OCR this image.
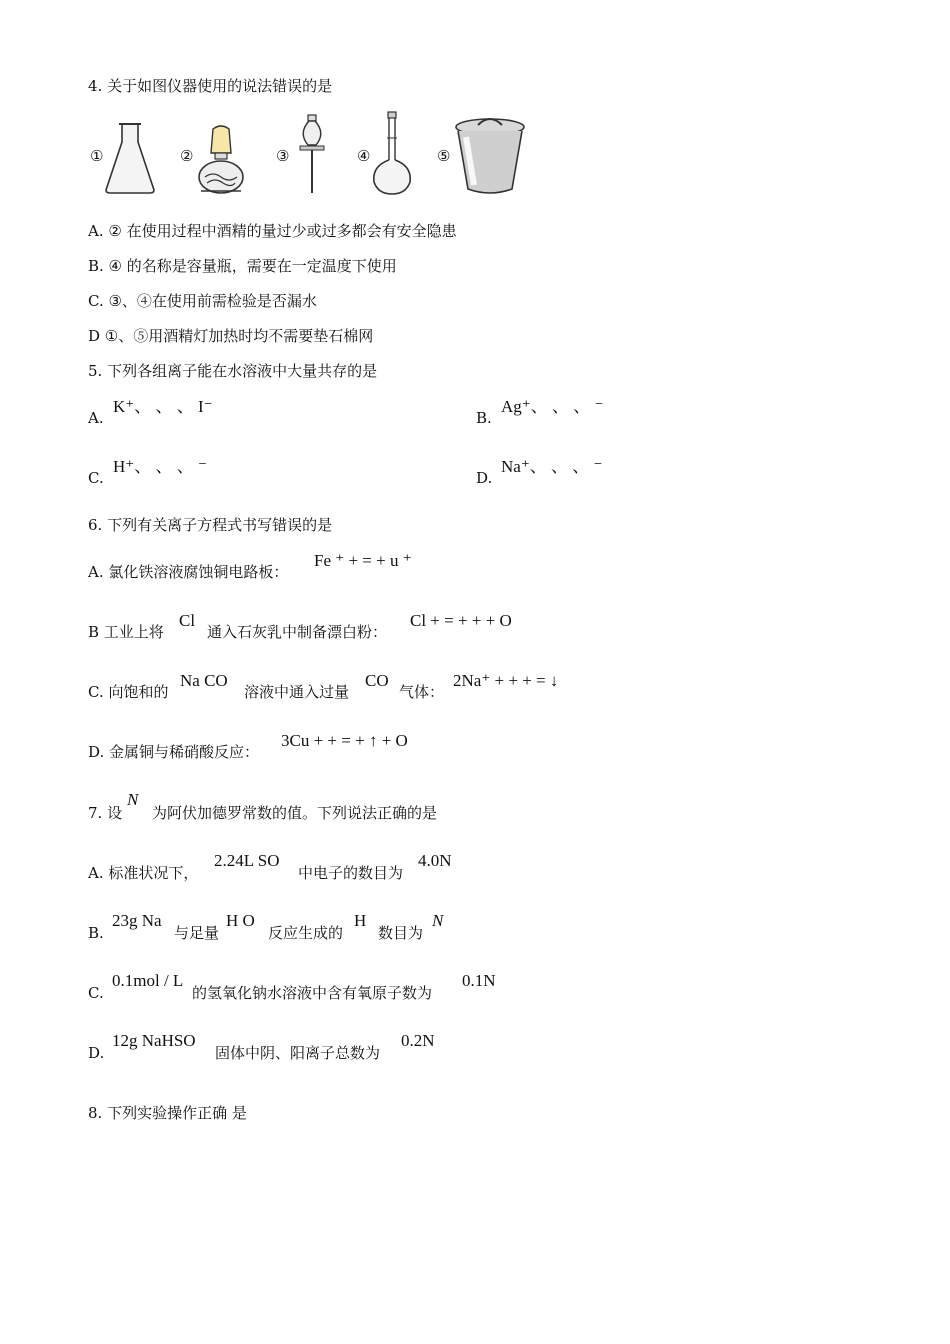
4. 关于如图仪器使用的说法错误的是
①	②	③	④	⑤
A. ② 在使用过程中酒精的量过少或过多都会有安全隐患
B. ④ 的名称是容量瓶，需要在一定温度下使用
C. ③、④在使用前需检验是否漏水
D ①、⑤用酒精灯加热时均不需要垫石棉网
5. 下列各组离子能在水溶液中大量共存的是
A.
K⁺、 、 、 I⁻
B.
Ag⁺、 、 、 ⁻
C.
H⁺、 、 、 ⁻
D.
Na⁺、 、 、 ⁻
6. 下列有关离子方程式书写错误的是
A. 氯化铁溶液腐蚀铜电路板：
Fe ⁺ + = + u ⁺
B 工业上将
Cl
通入石灰乳中制备漂白粉：
Cl + = + + + O
C. 向饱和的
Na CO
溶液中通入过量
CO
气体：
2Na⁺ + + + = ↓
D. 金属铜与稀硝酸反应：
3Cu + + = + ↑ + O
7. 设
N
为阿伏加德罗常数的值。下列说法正确的是
A. 标准状况下，
2.24L SO
中电子的数目为
4.0N
B.
23g Na
与足量
H O
反应生成的
H
数目为
N
C.
0.1mol / L
的氢氧化钠水溶液中含有氧原子数为
0.1N
D.
12g NaHSO
固体中阴、阳离子总数为
0.2N
8. 下列实验操作正确 是
